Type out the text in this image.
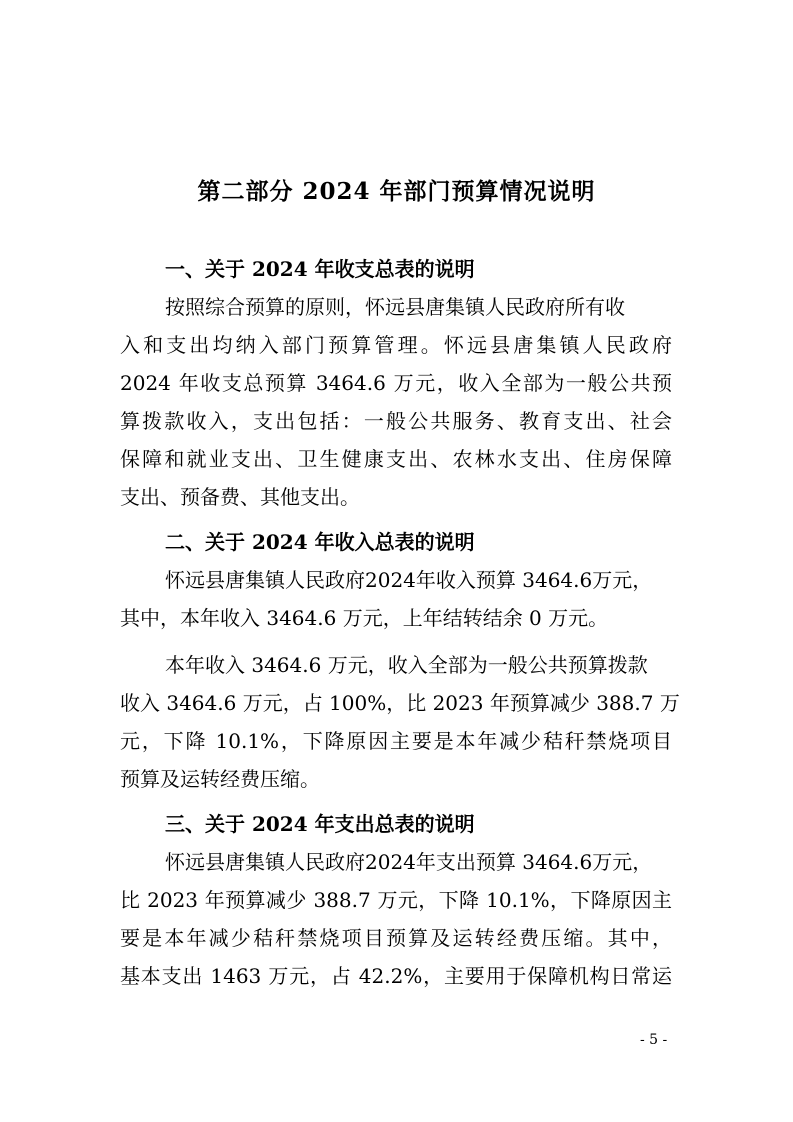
第二部分 2024 年部门预算情况说明
一、关于 2024 年收支总表的说明
按照综合预算的原则，怀远县唐集镇人民政府所有收
入和支出均纳入部门预算管理。怀远县唐集镇人民政府
2024 年收支总预算 3464.6 万元，收入全部为一般公共预
算拨款收入，支出包括：一般公共服务、教育支出、社会
保障和就业支出、卫生健康支出、农林水支出、住房保障
支出、预备费、其他支出。
二、关于 2024 年收入总表的说明
怀远县唐集镇人民政府2024年收入预算 3464.6万元，
其中，本年收入 3464.6 万元，上年结转结余 0 万元。
本年收入 3464.6 万元，收入全部为一般公共预算拨款
收入 3464.6 万元，占 100%，比 2023 年预算减少 388.7 万
元，下降 10.1%，下降原因主要是本年减少秸秆禁烧项目
预算及运转经费压缩。
三、关于 2024 年支出总表的说明
怀远县唐集镇人民政府2024年支出预算 3464.6万元，
比 2023 年预算减少 388.7 万元，下降 10.1%，下降原因主
要是本年减少秸秆禁烧项目预算及运转经费压缩。其中，
基本支出 1463 万元，占 42.2%，主要用于保障机构日常运
- 5 -
